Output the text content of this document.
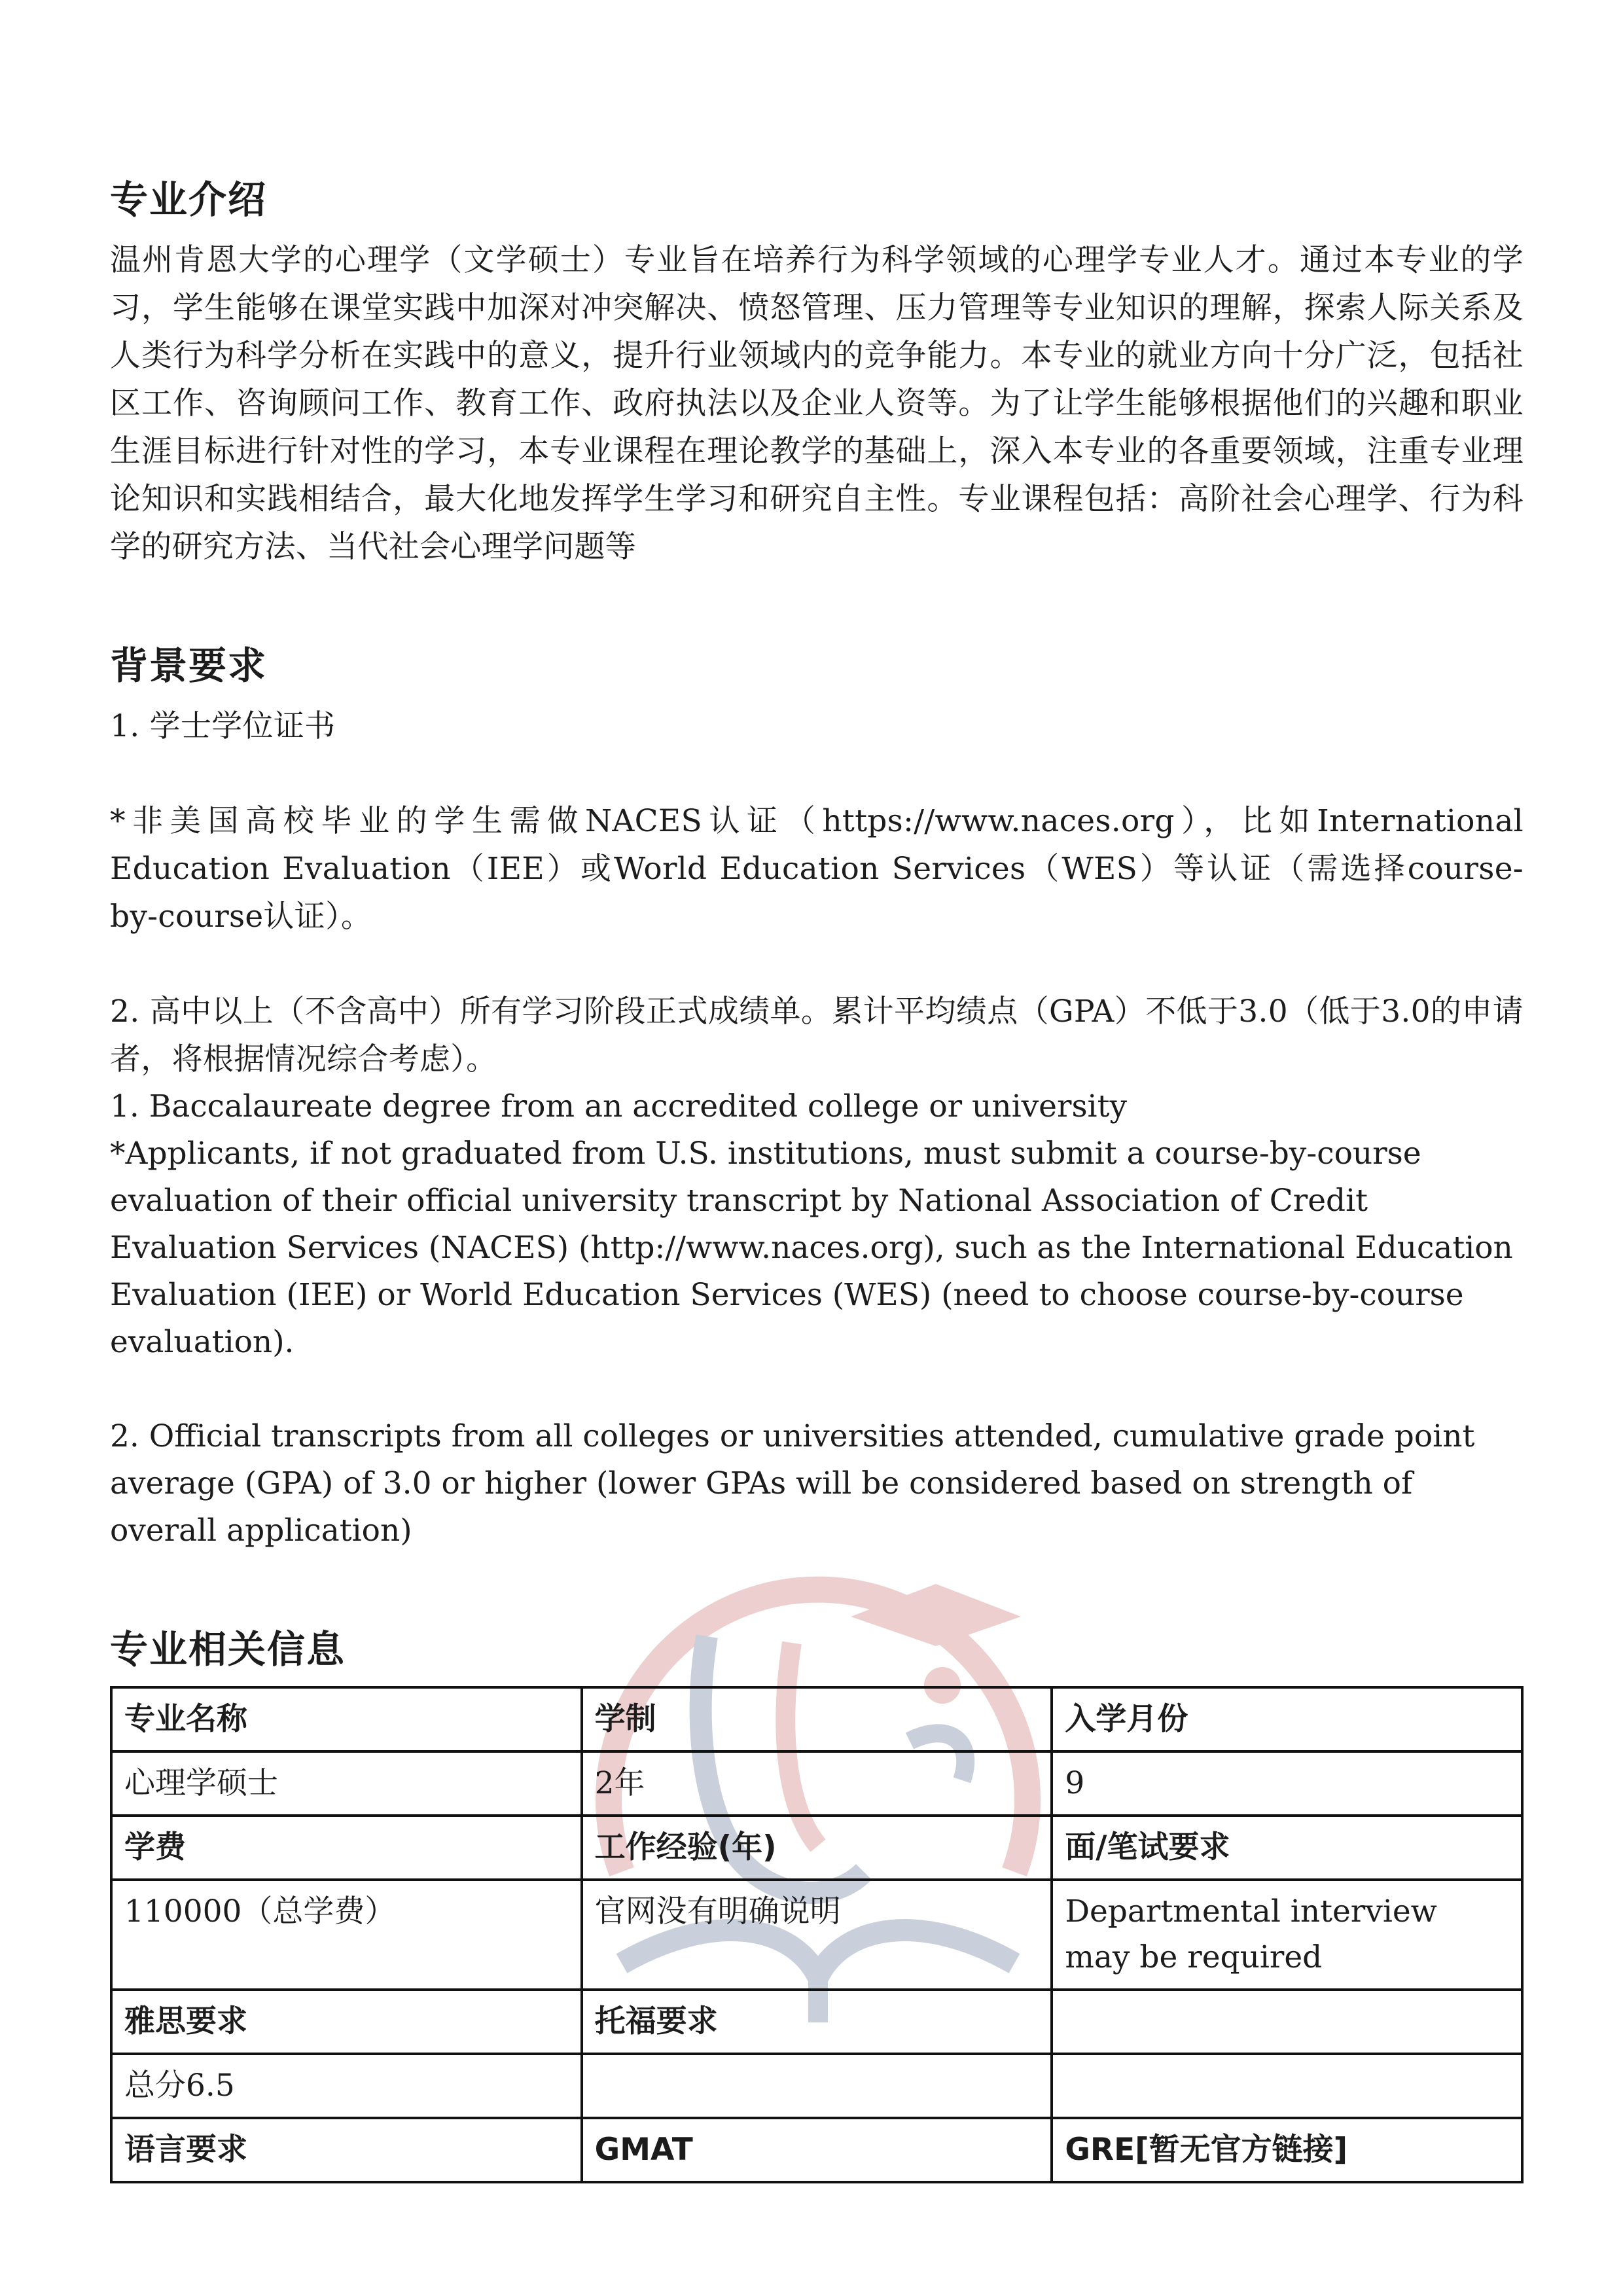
专业介绍

温州肯恩大学的心理学（文学硕士）专业旨在培养行为科学领域的心理学专业人才。通过本专业的学习，学生能够在课堂实践中加深对冲突解决、愤怒管理、压力管理等专业知识的理解，探索人际关系及人类行为科学分析在实践中的意义，提升行业领域内的竞争能力。本专业的就业方向十分广泛，包括社区工作、咨询顾问工作、教育工作、政府执法以及企业人资等。为了让学生能够根据他们的兴趣和职业生涯目标进行针对性的学习，本专业课程在理论教学的基础上，深入本专业的各重要领域，注重专业理论知识和实践相结合，最大化地发挥学生学习和研究自主性。专业课程包括：高阶社会心理学、行为科学的研究方法、当代社会心理学问题等

背景要求

1. 学士学位证书

*非美国高校毕业的学生需做NACES认证（https://www.naces.org），比如International Education Evaluation（IEE）或World Education Services（WES）等认证（需选择course-by-course认证）。

2. 高中以上（不含高中）所有学习阶段正式成绩单。累计平均绩点（GPA）不低于3.0（低于3.0的申请者，将根据情况综合考虑）。

1. Baccalaureate degree from an accredited college or university

*Applicants, if not graduated from U.S. institutions, must submit a course-by-course evaluation of their official university transcript by National Association of Credit Evaluation Services (NACES) (http://www.naces.org), such as the International Education Evaluation (IEE) or World Education Services (WES) (need to choose course-by-course evaluation).

2. Official transcripts from all colleges or universities attended, cumulative grade point average (GPA) of 3.0 or higher (lower GPAs will be considered based on strength of overall application)

专业相关信息
专业名称	学制	入学月份
心理学硕士	2年	9
学费	工作经验(年)	面/笔试要求
110000（总学费）	官网没有明确说明	Departmental interview may be required
雅思要求	托福要求	
总分6.5		
语言要求	GMAT	GRE[暂无官方链接]
